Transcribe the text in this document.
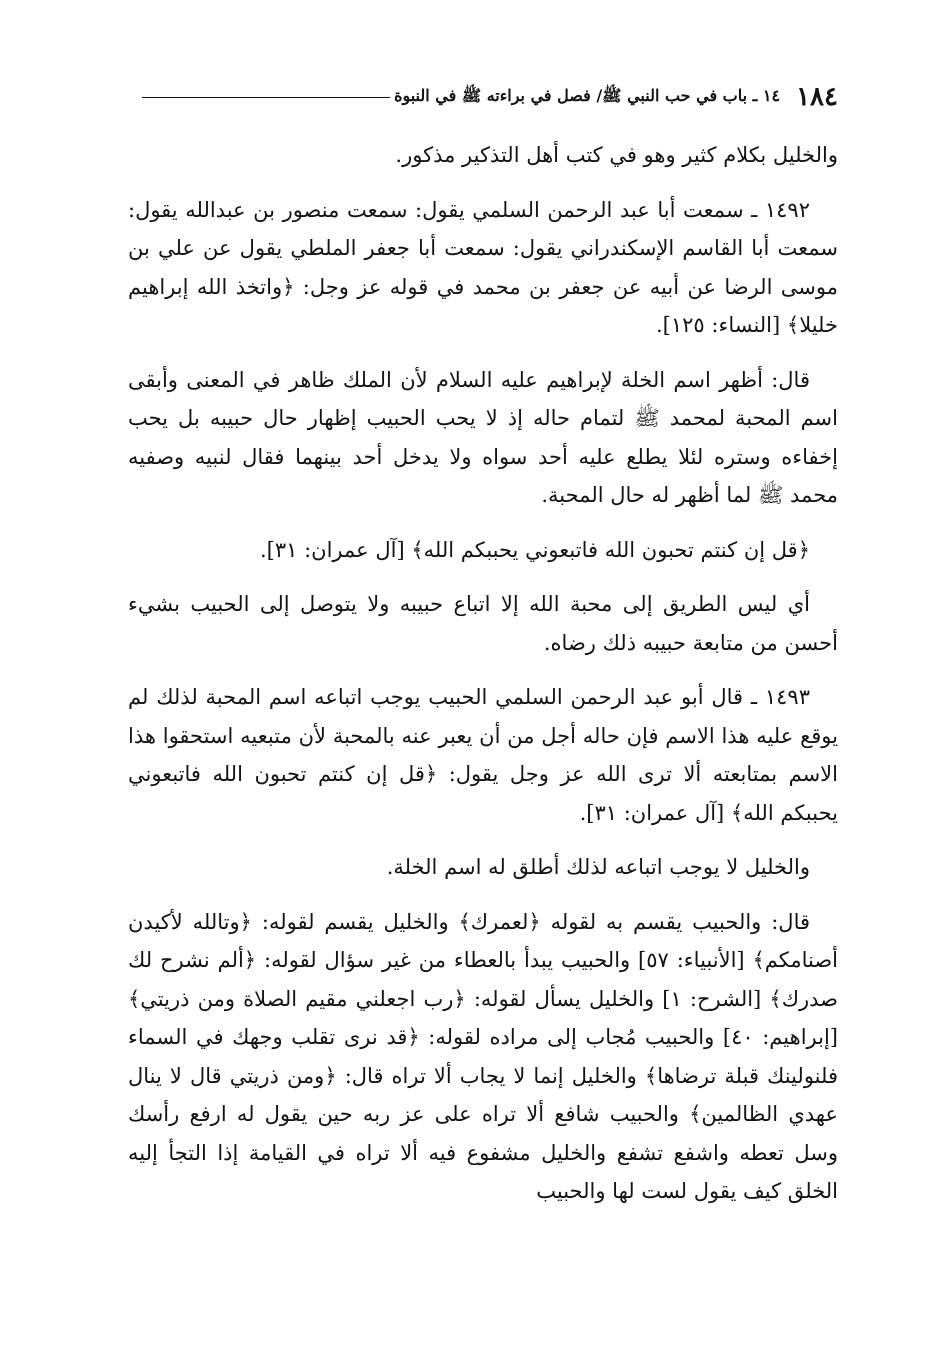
١٨٤
١٤ ـ باب في حب النبي ﷺ/ فصل في براءته ﷺ في النبوة

والخليل بكلام كثير وهو في كتب أهل التذكير مذكور.

١٤٩٢ ـ سمعت أبا عبد الرحمن السلمي يقول: سمعت منصور بن عبدالله يقول: سمعت أبا القاسم الإسكندراني يقول: سمعت أبا جعفر الملطي يقول عن علي بن موسى الرضا عن أبيه عن جعفر بن محمد في قوله عز وجل: ﴿واتخذ الله إبراهيم خليلا﴾ [النساء: ١٢٥].

قال: أظهر اسم الخلة لإبراهيم عليه السلام لأن الملك ظاهر في المعنى وأبقى اسم المحبة لمحمد ﷺ لتمام حاله إذ لا يحب الحبيب إظهار حال حبيبه بل يحب إخفاءه وستره لئلا يطلع عليه أحد سواه ولا يدخل أحد بينهما فقال لنبيه وصفيه محمد ﷺ لما أظهر له حال المحبة.

﴿قل إن كنتم تحبون الله فاتبعوني يحببكم الله﴾ [آل عمران: ٣١].

أي ليس الطريق إلى محبة الله إلا اتباع حبيبه ولا يتوصل إلى الحبيب بشيء أحسن من متابعة حبيبه ذلك رضاه.

١٤٩٣ ـ قال أبو عبد الرحمن السلمي الحبيب يوجب اتباعه اسم المحبة لذلك لم يوقع عليه هذا الاسم فإن حاله أجل من أن يعبر عنه بالمحبة لأن متبعيه استحقوا هذا الاسم بمتابعته ألا ترى الله عز وجل يقول: ﴿قل إن كنتم تحبون الله فاتبعوني يحببكم الله﴾ [آل عمران: ٣١].

والخليل لا يوجب اتباعه لذلك أطلق له اسم الخلة.

قال: والحبيب يقسم به لقوله ﴿لعمرك﴾ والخليل يقسم لقوله: ﴿وتالله لأكيدن أصنامكم﴾ [الأنبياء: ٥٧] والحبيب يبدأ بالعطاء من غير سؤال لقوله: ﴿ألم نشرح لك صدرك﴾ [الشرح: ١] والخليل يسأل لقوله: ﴿رب اجعلني مقيم الصلاة ومن ذريتي﴾ [إبراهيم: ٤٠] والحبيب مُجاب إلى مراده لقوله: ﴿قد نرى تقلب وجهك في السماء فلنولينك قبلة ترضاها﴾ والخليل إنما لا يجاب ألا تراه قال: ﴿ومن ذريتي قال لا ينال عهدي الظالمين﴾ والحبيب شافع ألا تراه على عز ربه حين يقول له ارفع رأسك وسل تعطه واشفع تشفع والخليل مشفوع فيه ألا تراه في القيامة إذا التجأ إليه الخلق كيف يقول لست لها والحبيب
